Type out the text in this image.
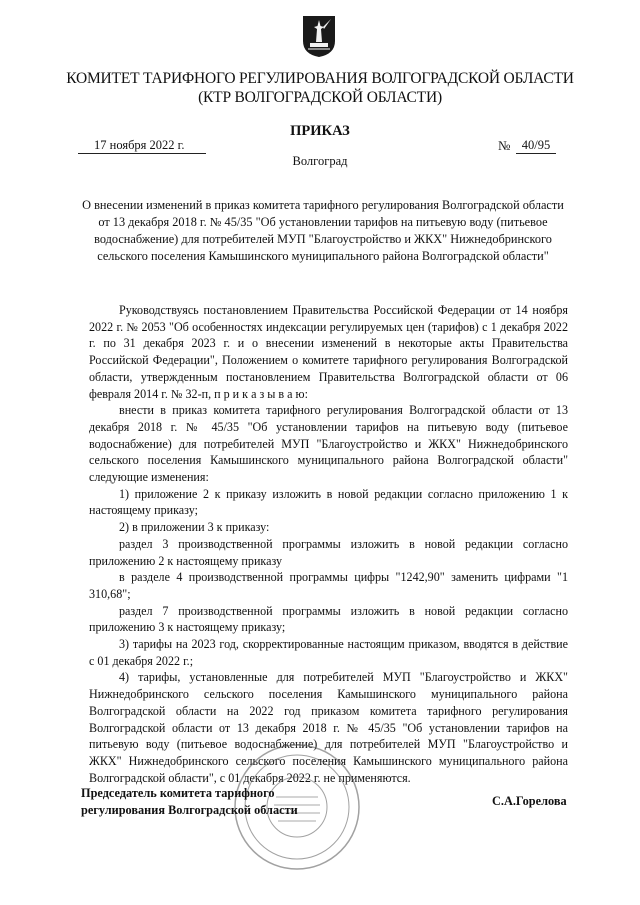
КОМИТЕТ ТАРИФНОГО РЕГУЛИРОВАНИЯ ВОЛГОГРАДСКОЙ ОБЛАСТИ
(КТР ВОЛГОГРАДСКОЙ ОБЛАСТИ)
ПРИКАЗ
17 ноября 2022 г.	№ 40/95
Волгоград
О внесении изменений в приказ комитета тарифного регулирования Волгоградской области от 13 декабря 2018 г. № 45/35 "Об установлении тарифов на питьевую воду (питьевое водоснабжение) для потребителей МУП "Благоустройство и ЖКХ" Нижнедобринского сельского поселения Камышинского муниципального района Волгоградской области"

Руководствуясь постановлением Правительства Российской Федерации от 14 ноября 2022 г. № 2053 "Об особенностях индексации регулируемых цен (тарифов) с 1 декабря 2022 г. по 31 декабря 2023 г. и о внесении изменений в некоторые акты Правительства Российской Федерации", Положением о комитете тарифного регулирования Волгоградской области, утвержденным постановлением Правительства Волгоградской области от 06 февраля 2014 г. № 32-п, п р и к а з ы в а ю:

внести в приказ комитета тарифного регулирования Волгоградской области от 13 декабря 2018 г. № 45/35 "Об установлении тарифов на питьевую воду (питьевое водоснабжение) для потребителей МУП "Благоустройство и ЖКХ" Нижнедобринского сельского поселения Камышинского муниципального района Волгоградской области" следующие изменения:

1) приложение 2 к приказу изложить в новой редакции согласно приложению 1 к настоящему приказу;

2) в приложении 3 к приказу:

раздел 3 производственной программы изложить в новой редакции согласно приложению 2 к настоящему приказу

в разделе 4 производственной программы цифры "1242,90" заменить цифрами "1 310,68";

раздел 7 производственной программы изложить в новой редакции согласно приложению 3 к настоящему приказу;

3) тарифы на 2023 год, скорректированные настоящим приказом, вводятся в действие с 01 декабря 2022 г.;

4) тарифы, установленные для потребителей МУП "Благоустройство и ЖКХ" Нижнедобринского сельского поселения Камышинского муниципального района Волгоградской области на 2022 год приказом комитета тарифного регулирования Волгоградской области от 13 декабря 2018 г. № 45/35 "Об установлении тарифов на питьевую воду (питьевое водоснабжение) для потребителей МУП "Благоустройство и ЖКХ" Нижнедобринского сельского поселения Камышинского муниципального района Волгоградской области", с 01 декабря 2022 г. не применяются.

Председатель комитета тарифного
регулирования Волгоградской области
С.А.Горелова
